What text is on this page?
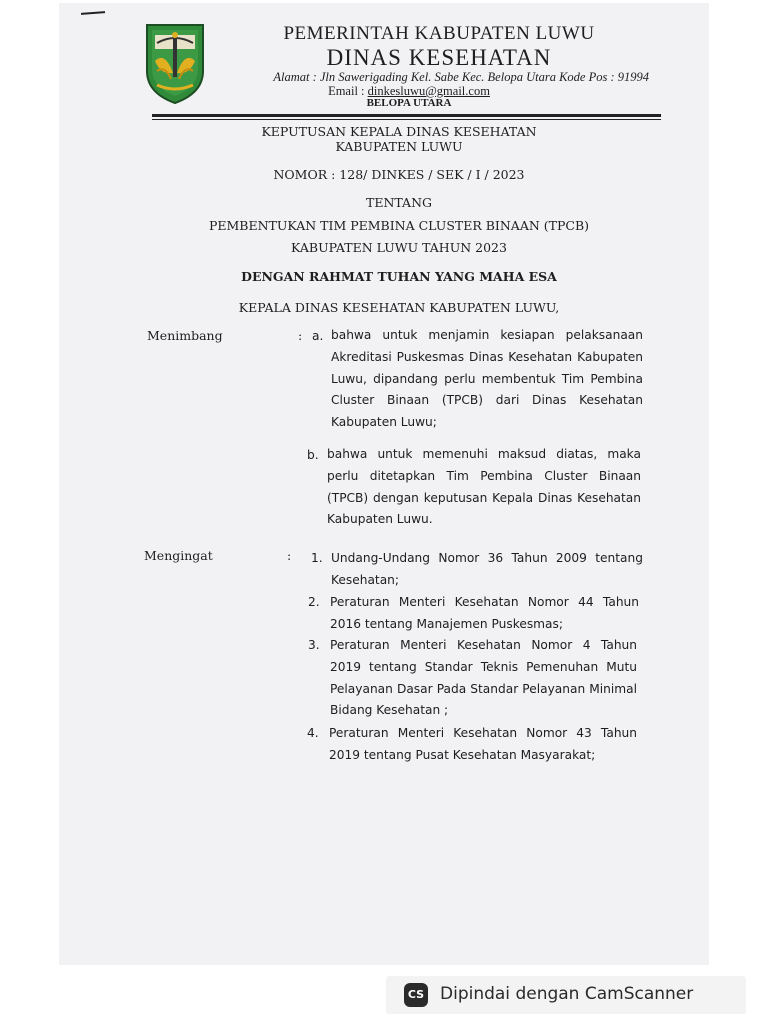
PEMERINTAH KABUPATEN LUWU
DINAS KESEHATAN
Alamat : Jln Sawerigading Kel. Sabe Kec. Belopa Utara Kode Pos : 91994
Email : dinkesluwu@gmail.com
BELOPA UTARA
KEPUTUSAN KEPALA DINAS KESEHATAN
KABUPATEN LUWU
NOMOR : 128/ DINKES / SEK / I / 2023
TENTANG
PEMBENTUKAN TIM PEMBINA CLUSTER BINAAN (TPCB)
KABUPATEN LUWU TAHUN 2023
DENGAN RAHMAT TUHAN YANG MAHA ESA
KEPALA DINAS KESEHATAN KABUPATEN LUWU,
Menimbang	: a. bahwa untuk menjamin kesiapan pelaksanaan Akreditasi Puskesmas Dinas Kesehatan Kabupaten Luwu, dipandang perlu membentuk Tim Pembina Cluster Binaan (TPCB) dari Dinas Kesehatan Kabupaten Luwu;
b. bahwa untuk memenuhi maksud diatas, maka perlu ditetapkan Tim Pembina Cluster Binaan (TPCB) dengan keputusan Kepala Dinas Kesehatan Kabupaten Luwu.
Mengingat	: 1. Undang-Undang Nomor 36 Tahun 2009 tentang Kesehatan;
2. Peraturan Menteri Kesehatan Nomor 44 Tahun 2016 tentang Manajemen Puskesmas;
3. Peraturan Menteri Kesehatan Nomor 4 Tahun 2019 tentang Standar Teknis Pemenuhan Mutu Pelayanan Dasar Pada Standar Pelayanan Minimal Bidang Kesehatan ;
4. Peraturan Menteri Kesehatan Nomor 43 Tahun 2019 tentang Pusat Kesehatan Masyarakat;
CS Dipindai dengan CamScanner
